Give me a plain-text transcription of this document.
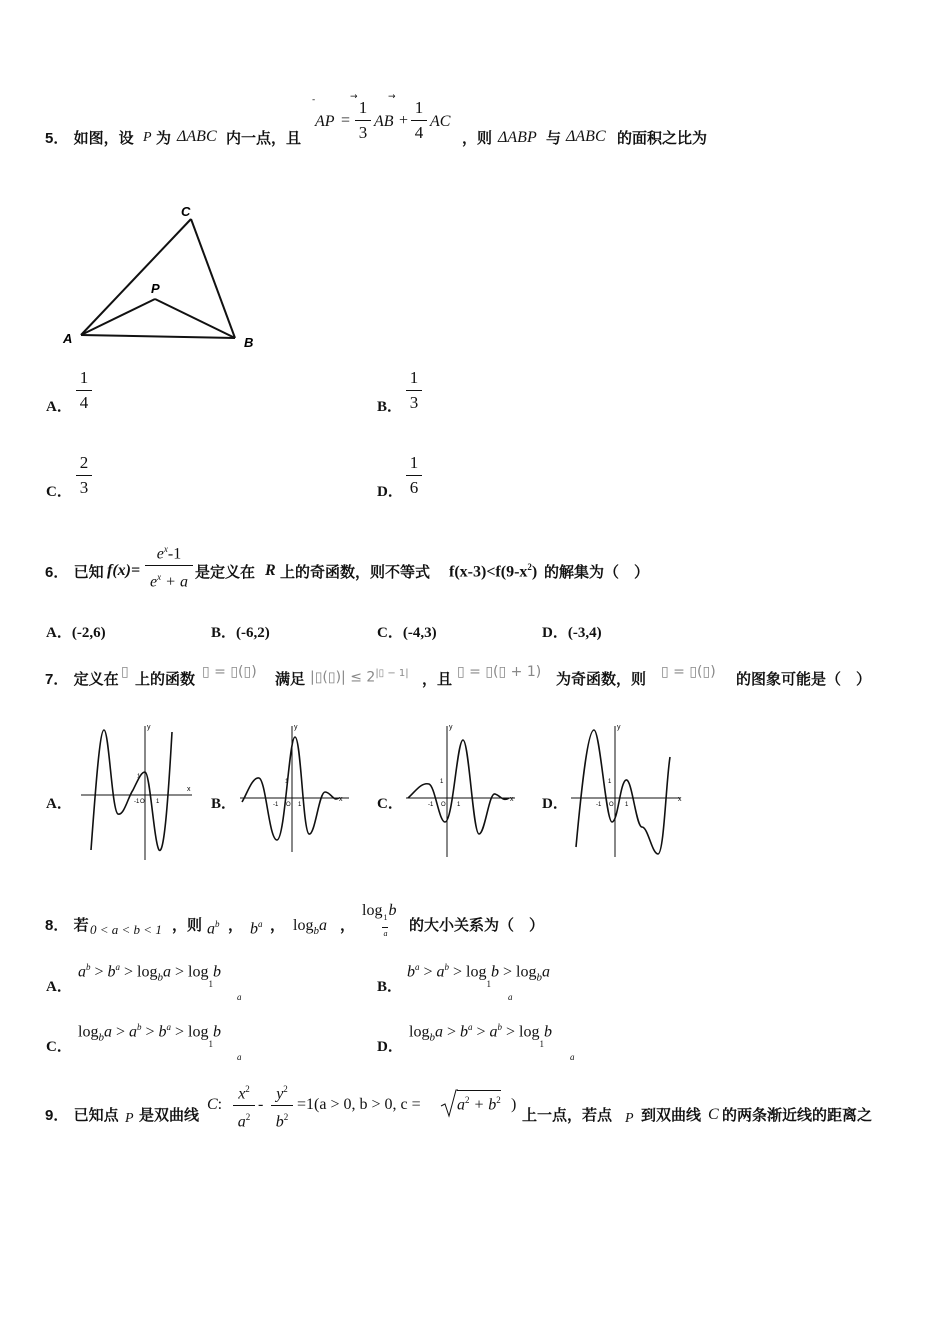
5． 如图，设 P 为 ΔABC 内一点，且
-	→	→
AP =
1
3
AB +
1
4
AC
，则 ΔABP 与 ΔABC 的面积之比为
C
P
A	B
A．
1
4	B．
1
3
C．
2
3	D．
1
6
6． 已知 f(x)=
$e^x-1$
$e^x + a$
是定义在 R 上的奇函数，则不等式 $f(x-3)<f(9-x^2)$ 的解集为（　）
A．(-2,6)	B．(-6,2)	C．(-4,3)	D．(-3,4)
7． 定义在 ▯ 上的函数 ▯ = ▯(▯) 满足 |▯(▯)| ≤ $2^{|▯ - 1|}$ ，且 ▯ = ▯(▯ + 1) 为奇函数，则 ▯ = ▯(▯) 的图象可能是（　）
A．
x
y
-1 O 1
1
B．	x
y
-1 O 1
1
C．	x
y
-1 O 1
1
D．	x
y
-1 O 1
1
8． 若 0 < a < b < 1 ，则 $a^b$ ， $b^a$ ， $\log_ba$ ，
$\log\frac{1}{a}b$
的大小关系为（　）
A．
$a^b > b^a > \log_ba > \log_1b$
a
B．
$b^a > a^b > \log_1b > \log_ba$
a
C．
$\log_ba > a^b > b^a > \log_1b$
a
D．
$\log_ba > b^a > a^b > \log_1b$
a
9． 已知点 P 是双曲线
C:
$x^2$
$a^2$
-
$y^2$
$b^2$
=1(a > 0, b > 0, $c = a^2 + b^2$ )
上一点，若点 P 到双曲线 C 的两条渐近线的距离之
